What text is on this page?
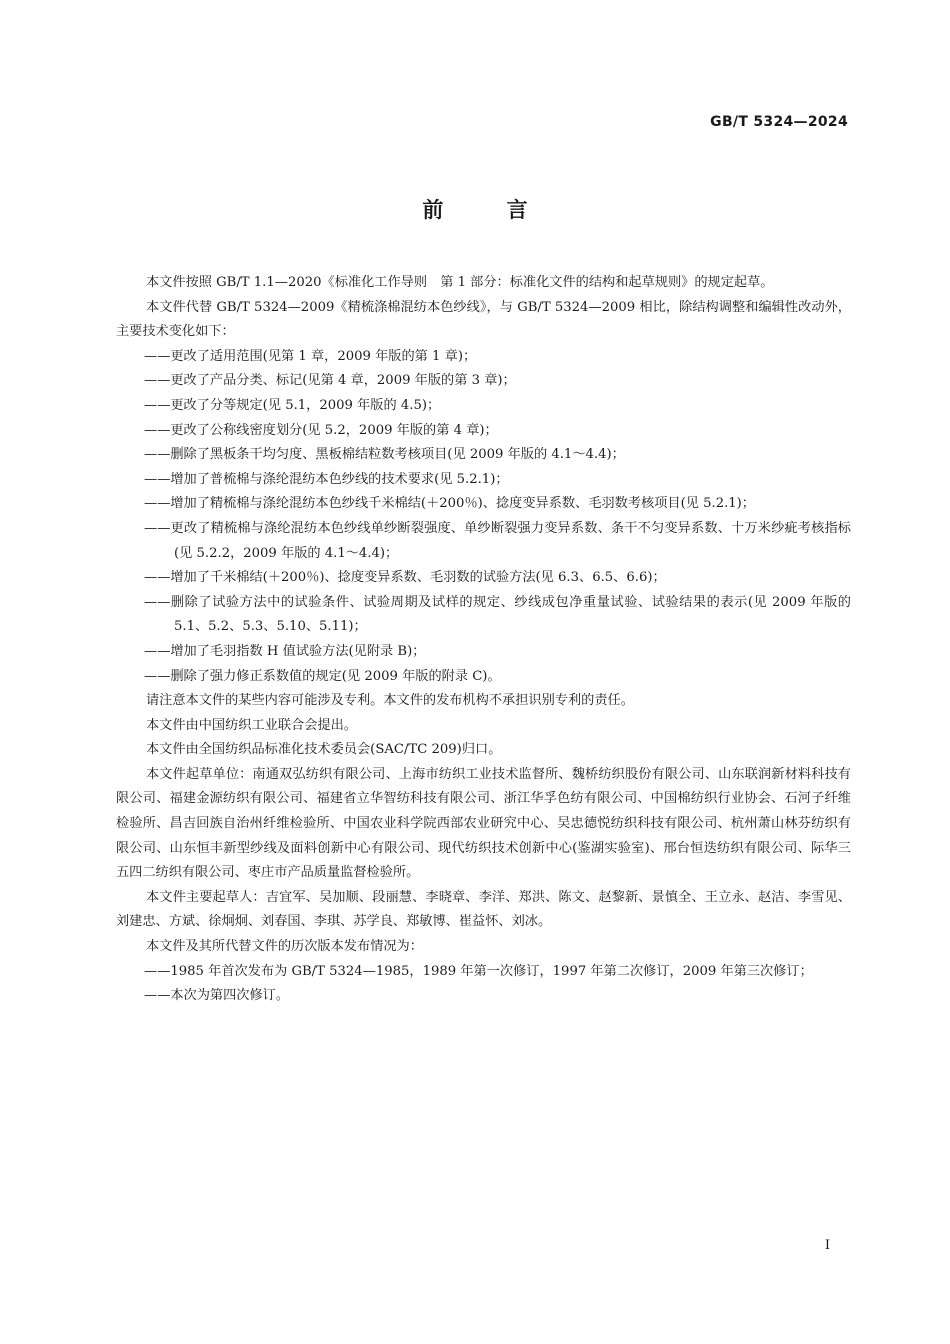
GB/T 5324—2024
前 言

本文件按照 GB/T 1.1—2020《标准化工作导则　第 1 部分：标准化文件的结构和起草规则》的规定起草。

本文件代替 GB/T 5324—2009《精梳涤棉混纺本色纱线》，与 GB/T 5324—2009 相比，除结构调整和编辑性改动外，主要技术变化如下：

——更改了适用范围(见第 1 章，2009 年版的第 1 章)；

——更改了产品分类、标记(见第 4 章，2009 年版的第 3 章)；

——更改了分等规定(见 5.1，2009 年版的 4.5)；

——更改了公称线密度划分(见 5.2，2009 年版的第 4 章)；

——删除了黑板条干均匀度、黑板棉结粒数考核项目(见 2009 年版的 4.1～4.4)；

——增加了普梳棉与涤纶混纺本色纱线的技术要求(见 5.2.1)；

——增加了精梳棉与涤纶混纺本色纱线千米棉结(＋200％)、捻度变异系数、毛羽数考核项目(见 5.2.1)；

——更改了精梳棉与涤纶混纺本色纱线单纱断裂强度、单纱断裂强力变异系数、条干不匀变异系数、十万米纱疵考核指标(见 5.2.2，2009 年版的 4.1～4.4)；

——增加了千米棉结(＋200％)、捻度变异系数、毛羽数的试验方法(见 6.3、6.5、6.6)；

——删除了试验方法中的试验条件、试验周期及试样的规定、纱线成包净重量试验、试验结果的表示(见 2009 年版的 5.1、5.2、5.3、5.10、5.11)；

——增加了毛羽指数 H 值试验方法(见附录 B)；

——删除了强力修正系数值的规定(见 2009 年版的附录 C)。

请注意本文件的某些内容可能涉及专利。本文件的发布机构不承担识别专利的责任。

本文件由中国纺织工业联合会提出。

本文件由全国纺织品标准化技术委员会(SAC/TC 209)归口。

本文件起草单位：南通双弘纺织有限公司、上海市纺织工业技术监督所、魏桥纺织股份有限公司、山东联润新材料科技有限公司、福建金源纺织有限公司、福建省立华智纺科技有限公司、浙江华孚色纺有限公司、中国棉纺织行业协会、石河子纤维检验所、昌吉回族自治州纤维检验所、中国农业科学院西部农业研究中心、吴忠德悦纺织科技有限公司、杭州萧山林芬纺织有限公司、山东恒丰新型纱线及面料创新中心有限公司、现代纺织技术创新中心(鉴湖实验室)、邢台恒迭纺织有限公司、际华三五四二纺织有限公司、枣庄市产品质量监督检验所。

本文件主要起草人：吉宜军、吴加顺、段丽慧、李晓章、李洋、郑洪、陈文、赵黎新、景慎全、王立永、赵洁、李雪见、刘建忠、方斌、徐炯炯、刘春国、李琪、苏学良、郑敏博、崔益怀、刘冰。

本文件及其所代替文件的历次版本发布情况为：

——1985 年首次发布为 GB/T 5324—1985，1989 年第一次修订，1997 年第二次修订，2009 年第三次修订；

——本次为第四次修订。

I
